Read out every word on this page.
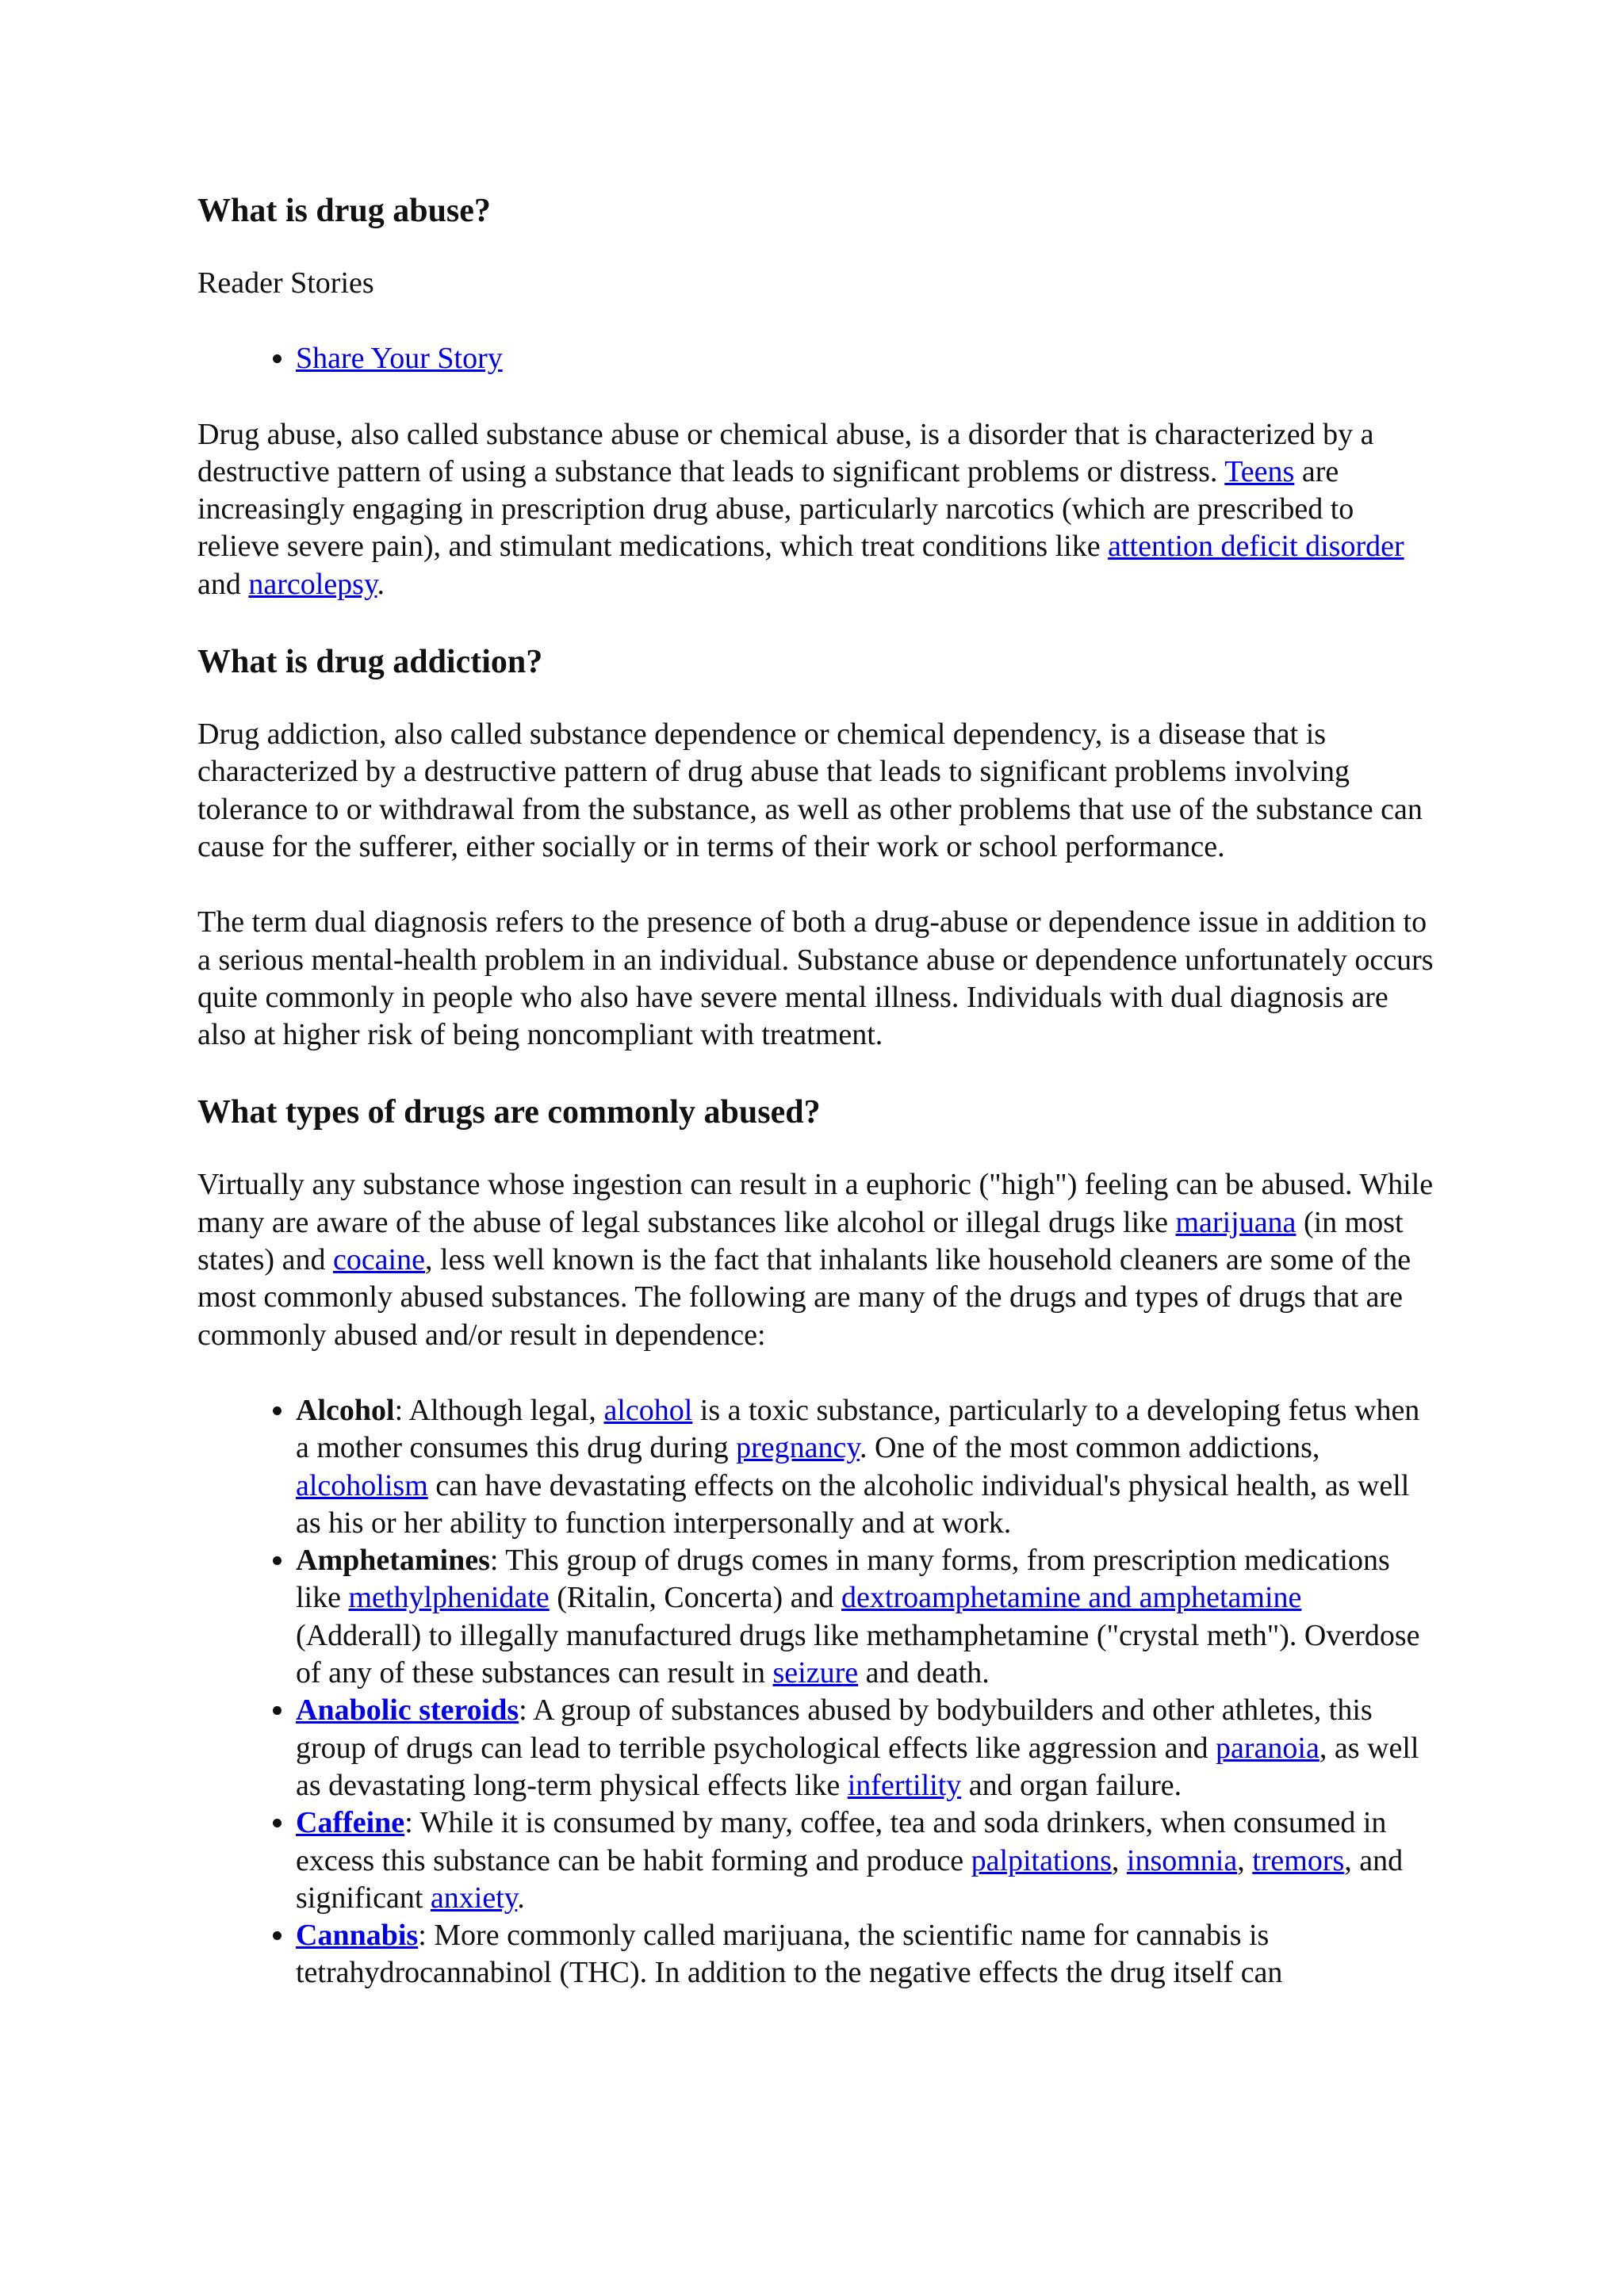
What is drug abuse?

Reader Stories

• Share Your Story

Drug abuse, also called substance abuse or chemical abuse, is a disorder that is characterized by a destructive pattern of using a substance that leads to significant problems or distress. Teens are increasingly engaging in prescription drug abuse, particularly narcotics (which are prescribed to relieve severe pain), and stimulant medications, which treat conditions like attention deficit disorder and narcolepsy.

What is drug addiction?

Drug addiction, also called substance dependence or chemical dependency, is a disease that is characterized by a destructive pattern of drug abuse that leads to significant problems involving tolerance to or withdrawal from the substance, as well as other problems that use of the substance can cause for the sufferer, either socially or in terms of their work or school performance.

The term dual diagnosis refers to the presence of both a drug-abuse or dependence issue in addition to a serious mental-health problem in an individual. Substance abuse or dependence unfortunately occurs quite commonly in people who also have severe mental illness. Individuals with dual diagnosis are also at higher risk of being noncompliant with treatment.

What types of drugs are commonly abused?

Virtually any substance whose ingestion can result in a euphoric ("high") feeling can be abused. While many are aware of the abuse of legal substances like alcohol or illegal drugs like marijuana (in most states) and cocaine, less well known is the fact that inhalants like household cleaners are some of the most commonly abused substances. The following are many of the drugs and types of drugs that are commonly abused and/or result in dependence:

• Alcohol: Although legal, alcohol is a toxic substance, particularly to a developing fetus when a mother consumes this drug during pregnancy. One of the most common addictions, alcoholism can have devastating effects on the alcoholic individual's physical health, as well as his or her ability to function interpersonally and at work.
• Amphetamines: This group of drugs comes in many forms, from prescription medications like methylphenidate (Ritalin, Concerta) and dextroamphetamine and amphetamine (Adderall) to illegally manufactured drugs like methamphetamine ("crystal meth"). Overdose of any of these substances can result in seizure and death.
• Anabolic steroids: A group of substances abused by bodybuilders and other athletes, this group of drugs can lead to terrible psychological effects like aggression and paranoia, as well as devastating long-term physical effects like infertility and organ failure.
• Caffeine: While it is consumed by many, coffee, tea and soda drinkers, when consumed in excess this substance can be habit forming and produce palpitations, insomnia, tremors, and significant anxiety.
• Cannabis: More commonly called marijuana, the scientific name for cannabis is tetrahydrocannabinol (THC). In addition to the negative effects the drug itself can
